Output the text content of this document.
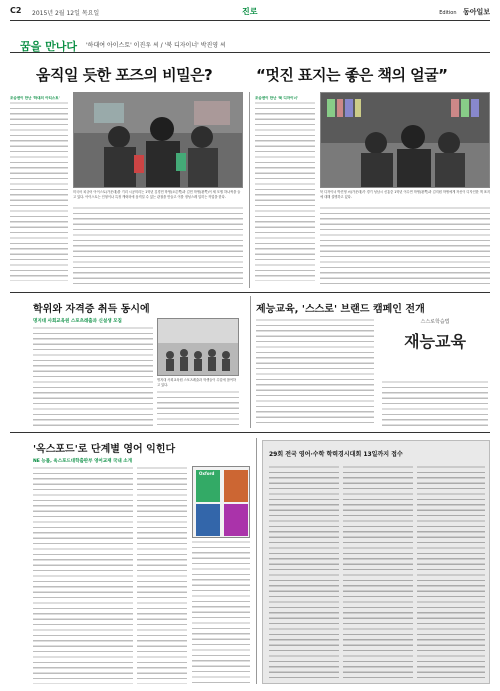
C2 2015년 2월 12일 목요일	진로	Edition 동아일보
꿈을 만나다 '하대여 아이스토' 이진우 씨 / '북 디자이너' 박진영 씨
움직일 듯한 포즈의 비밀은?	“멋진 표지는 좋은 책의 얼굴”
조승센이 만난 '하대의 아티스트'
미국어 피규어 아이스토(가운데)를 기리 시공미리는 1학년 김경민 학생(오른쪽)과 김민 학생(왼쪽)이 세 모델 하나씩을 들고 있다. 아이스토는 인형이나 특정 캐릭터에 움직일 수 있는 관절을 만들고 이를 정성스레 입히는 작업을 한다.
조승센이 만난 '북 디자이너'
북 디자이너 박진영 씨(가운데)가 경기 성남시 신흥중 1학년 이수연 학생(왼쪽)과 김지원 학생에게 자신이 디자인한 책 표지에 대해 설명하고 있다.
학위와 자격증 취득 동시에
명지대 사회교육원 스포츠레출과 신설생 모집
명지대 사회교육원 스포츠레출과 학생들이 수업에 참여하고 있다.
제능교육, '스스로' 브랜드 캠페인 전개
스스로학습법
재능교육
'옥스포드'로 단계별 영어 익힌다
NE 능률, 옥스포드대학출판부 영어교재 국내 소개
Oxford
29회 전국 영어·수학 학력경시대회 13일까지 접수
